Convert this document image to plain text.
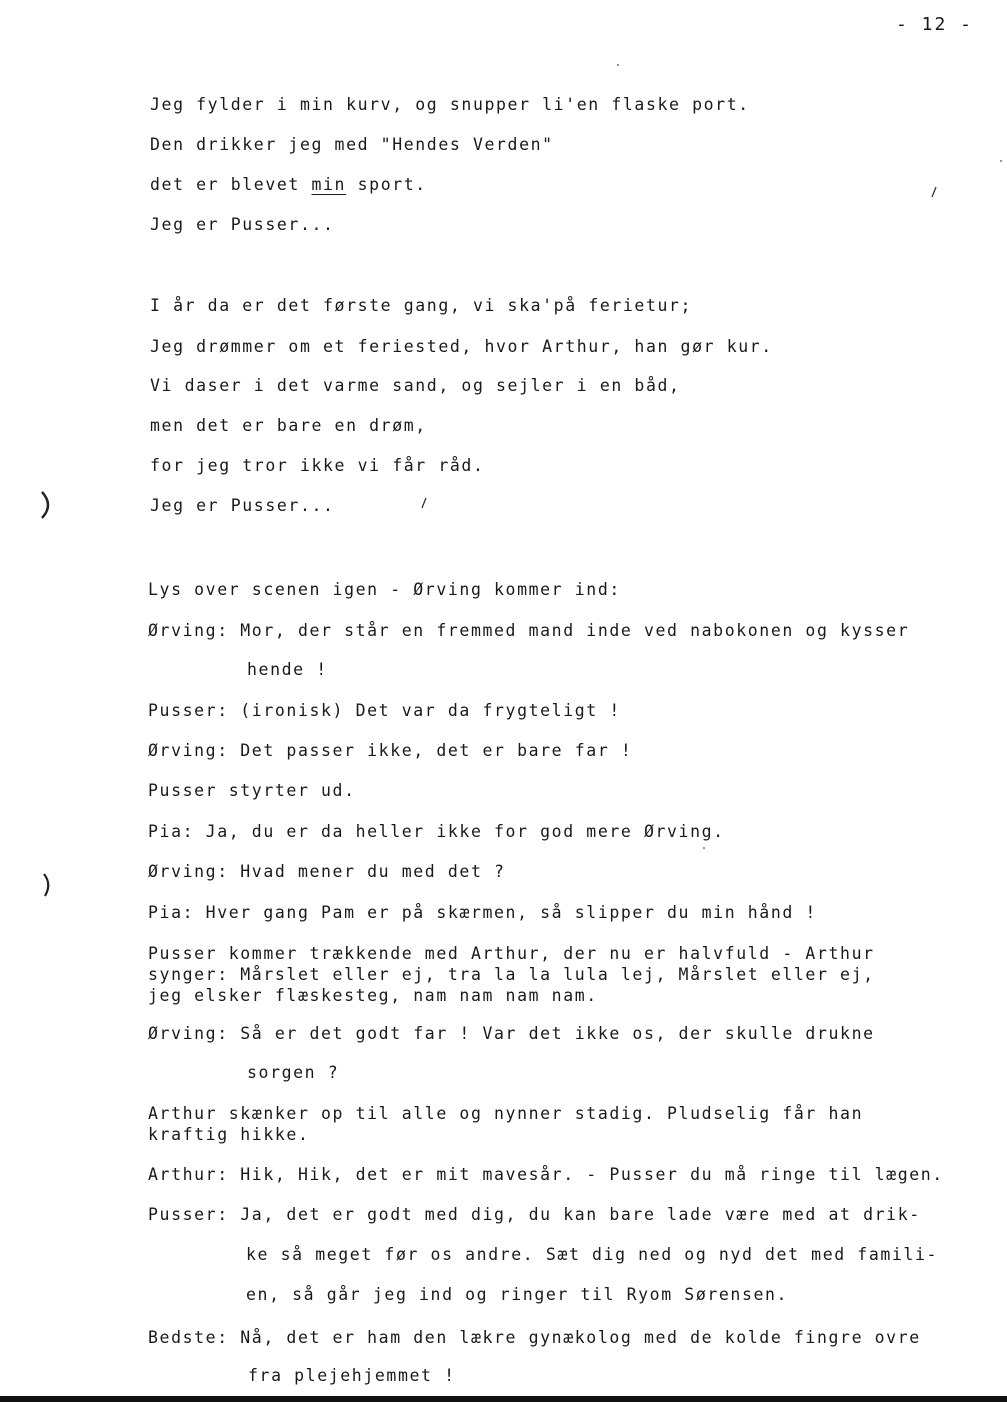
- 12 -
Jeg fylder i min kurv, og snupper li'en flaske port.
Den drikker jeg med "Hendes Verden"
det er blevet min sport.
Jeg er Pusser...
I år da er det første gang, vi ska'på ferietur;
Jeg drømmer om et feriested, hvor Arthur, han gør kur.
Vi daser i det varme sand, og sejler i en båd,
men det er bare en drøm,
for jeg tror ikke vi får råd.
Jeg er Pusser...
Lys over scenen igen - Ørving kommer ind:
Ørving: Mor, der står en fremmed mand inde ved nabokonen og kysser
hende !
Pusser: (ironisk) Det var da frygteligt !
Ørving: Det passer ikke, det er bare far !
Pusser styrter ud.
Pia: Ja, du er da heller ikke for god mere Ørving.
Ørving: Hvad mener du med det ?
Pia: Hver gang Pam er på skærmen, så slipper du min hånd !
Pusser kommer trækkende med Arthur, der nu er halvfuld - Arthur
synger: Mårslet eller ej, tra la la lula lej, Mårslet eller ej,
jeg elsker flæskesteg, nam nam nam nam.
Ørving: Så er det godt far ! Var det ikke os, der skulle drukne
sorgen ?
Arthur skænker op til alle og nynner stadig. Pludselig får han
kraftig hikke.
Arthur: Hik, Hik, det er mit mavesår. - Pusser du må ringe til lægen.
Pusser: Ja, det er godt med dig, du kan bare lade være med at drik-
ke så meget før os andre. Sæt dig ned og nyd det med famili-
en, så går jeg ind og ringer til Ryom Sørensen.
Bedste: Nå, det er ham den lækre gynækolog med de kolde fingre ovre
fra plejehjemmet !
